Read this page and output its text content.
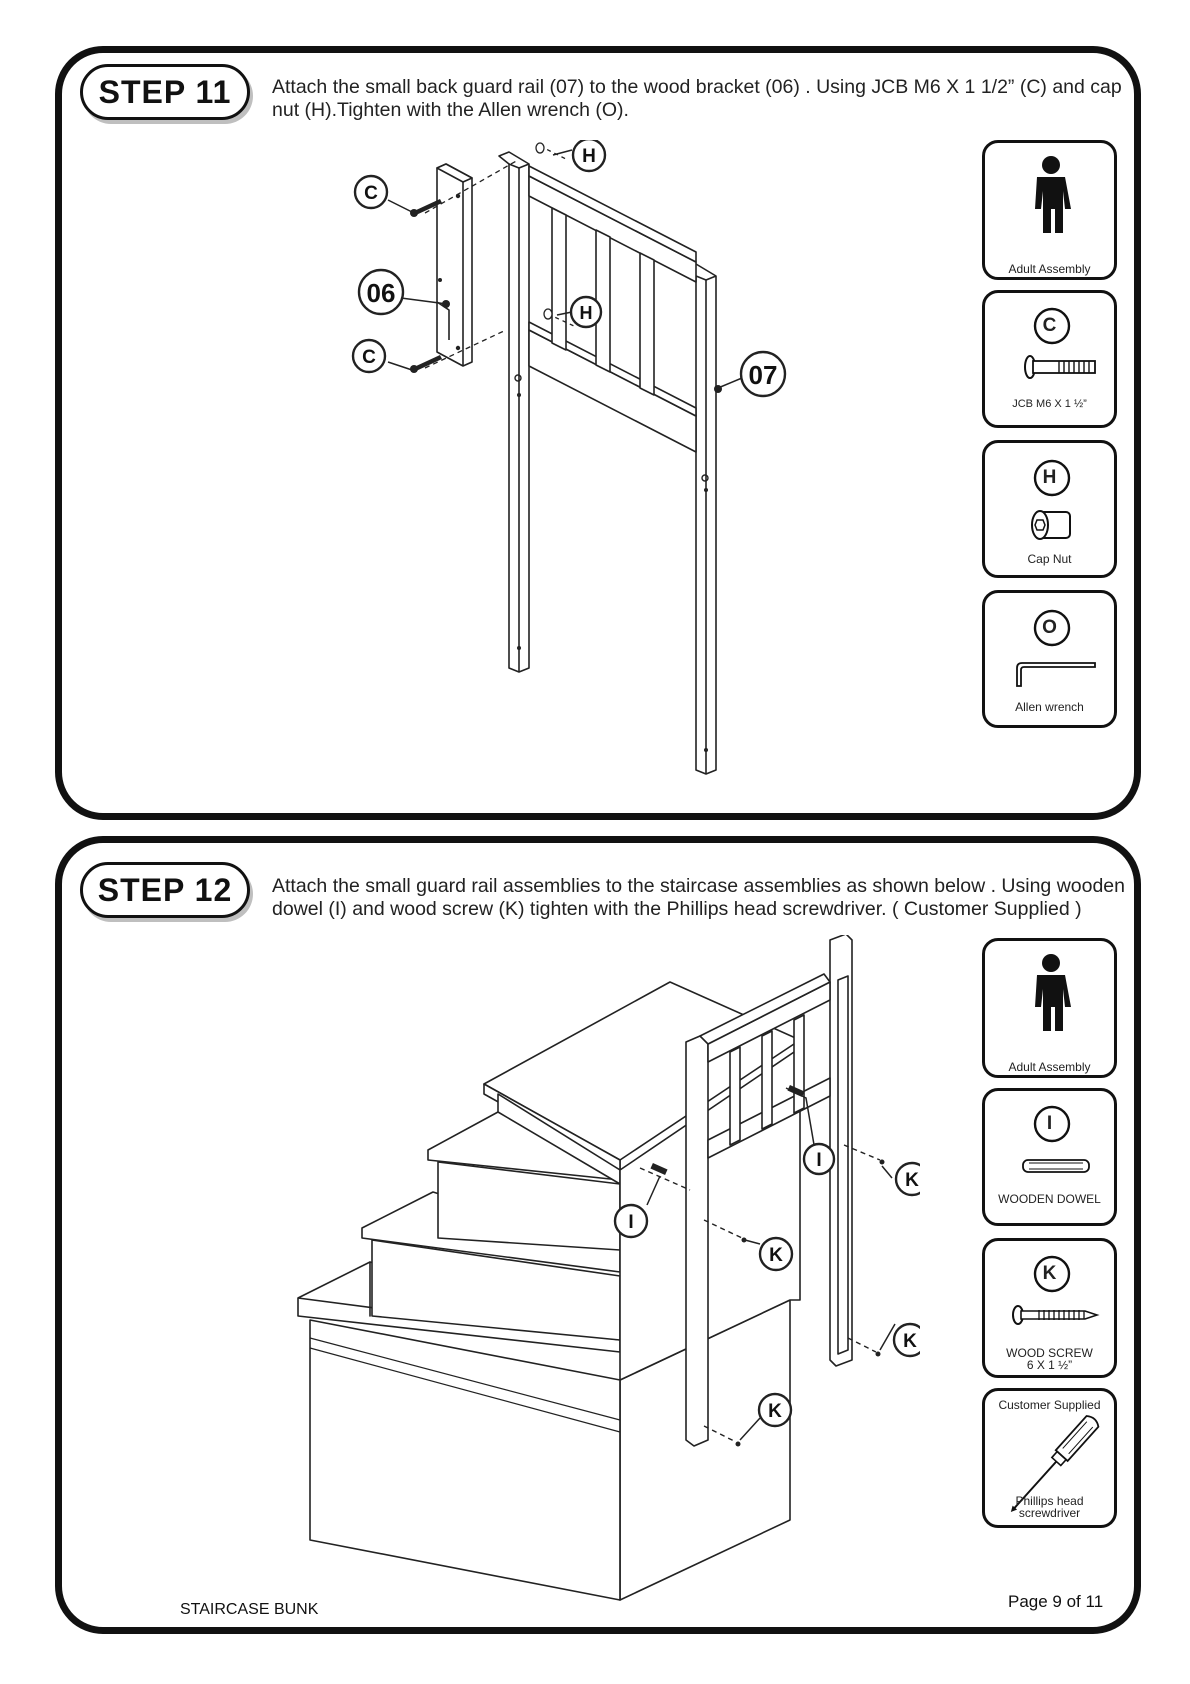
STEP 11	Attach the small back guard rail (07) to the wood bracket (06) . Using JCB M6 X 1 1/2” (C) and cap nut (H).Tighten with the Allen wrench (O).
C
C
06
H
H
07
Adult Assembly
C
JCB M6 X 1 ½”
H
Cap Nut
O
Allen wrench
STEP 12	Attach the small guard rail assemblies to the staircase assemblies as shown below . Using wooden dowel (I) and wood screw (K) tighten with the Phillips head screwdriver. ( Customer Supplied )
I
I
K
K
K
K
Adult Assembly
I
WOODEN DOWEL
K
WOOD SCREW
6 X 1 ½”
Customer Supplied
Phillips head
screwdriver
STAIRCASE BUNK	Page 9 of 11
